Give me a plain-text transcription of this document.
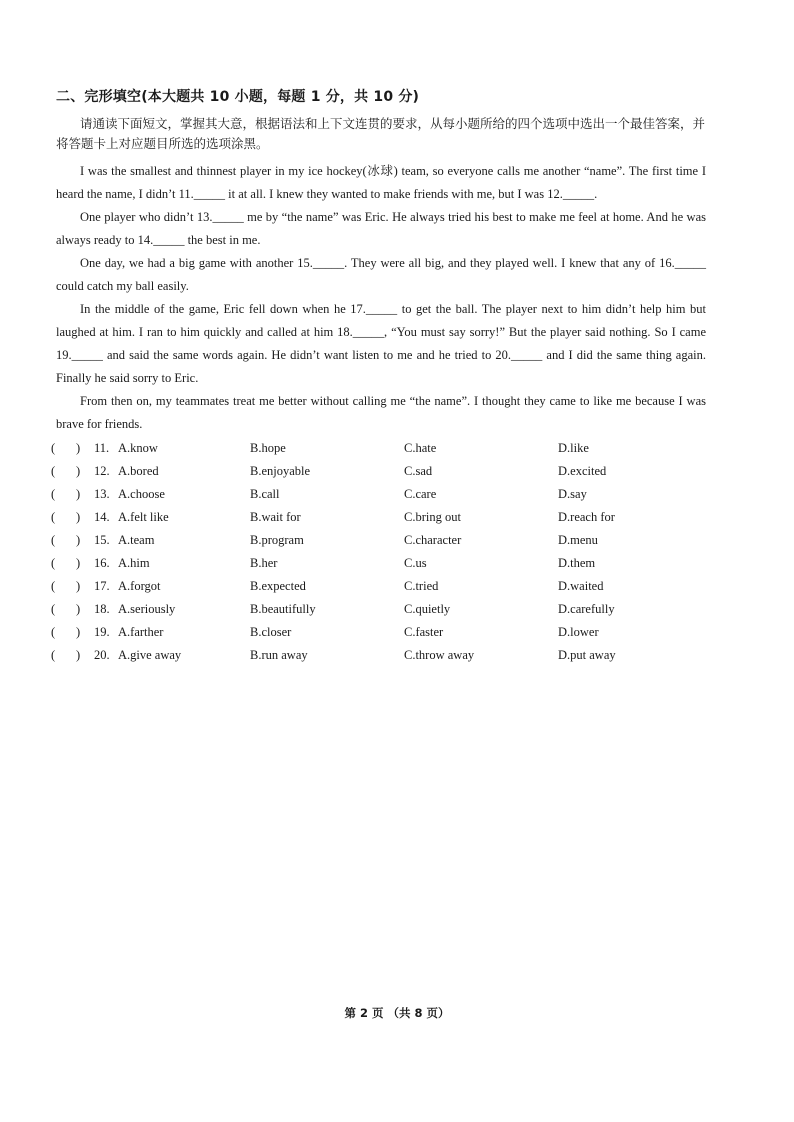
二、完形填空(本大题共 10 小题，每题 1 分，共 10 分)
请通读下面短文，掌握其大意，根据语法和上下文连贯的要求，从每小题所给的四个选项中选出一个最佳答案，并将答题卡上对应题目所选的选项涂黑。

I was the smallest and thinnest player in my ice hockey(冰球) team, so everyone calls me another “name”. The first time I heard the name, I didn’t 11._____ it at all. I knew they wanted to make friends with me, but I was 12._____.

One player who didn’t 13._____ me by “the name” was Eric. He always tried his best to make me feel at home. And he was always ready to 14._____ the best in me.

One day, we had a big game with another 15._____. They were all big, and they played well. I knew that any of 16._____ could catch my ball easily.

In the middle of the game, Eric fell down when he 17._____ to get the ball. The player next to him didn’t help him but laughed at him. I ran to him quickly and called at him 18._____, “You must say sorry!” But the player said nothing. So I came 19._____ and said the same words again. He didn’t want listen to me and he tried to 20._____ and I did the same thing again. Finally he said sorry to Eric.

From then on, my teammates treat me better without calling me “the name”. I thought they came to like me because I was brave for friends.

( ) 11. A.know	B.hope	C.hate	D.like
( ) 12. A.bored	B.enjoyable	C.sad	D.excited
( ) 13. A.choose	B.call	C.care	D.say
( ) 14. A.felt like	B.wait for	C.bring out	D.reach for
( ) 15. A.team	B.program	C.character	D.menu
( ) 16. A.him	B.her	C.us	D.them
( ) 17. A.forgot	B.expected	C.tried	D.waited
( ) 18. A.seriously	B.beautifully	C.quietly	D.carefully
( ) 19. A.farther	B.closer	C.faster	D.lower
( ) 20. A.give away	B.run away	C.throw away	D.put away
第 2 页 （共 8 页）
